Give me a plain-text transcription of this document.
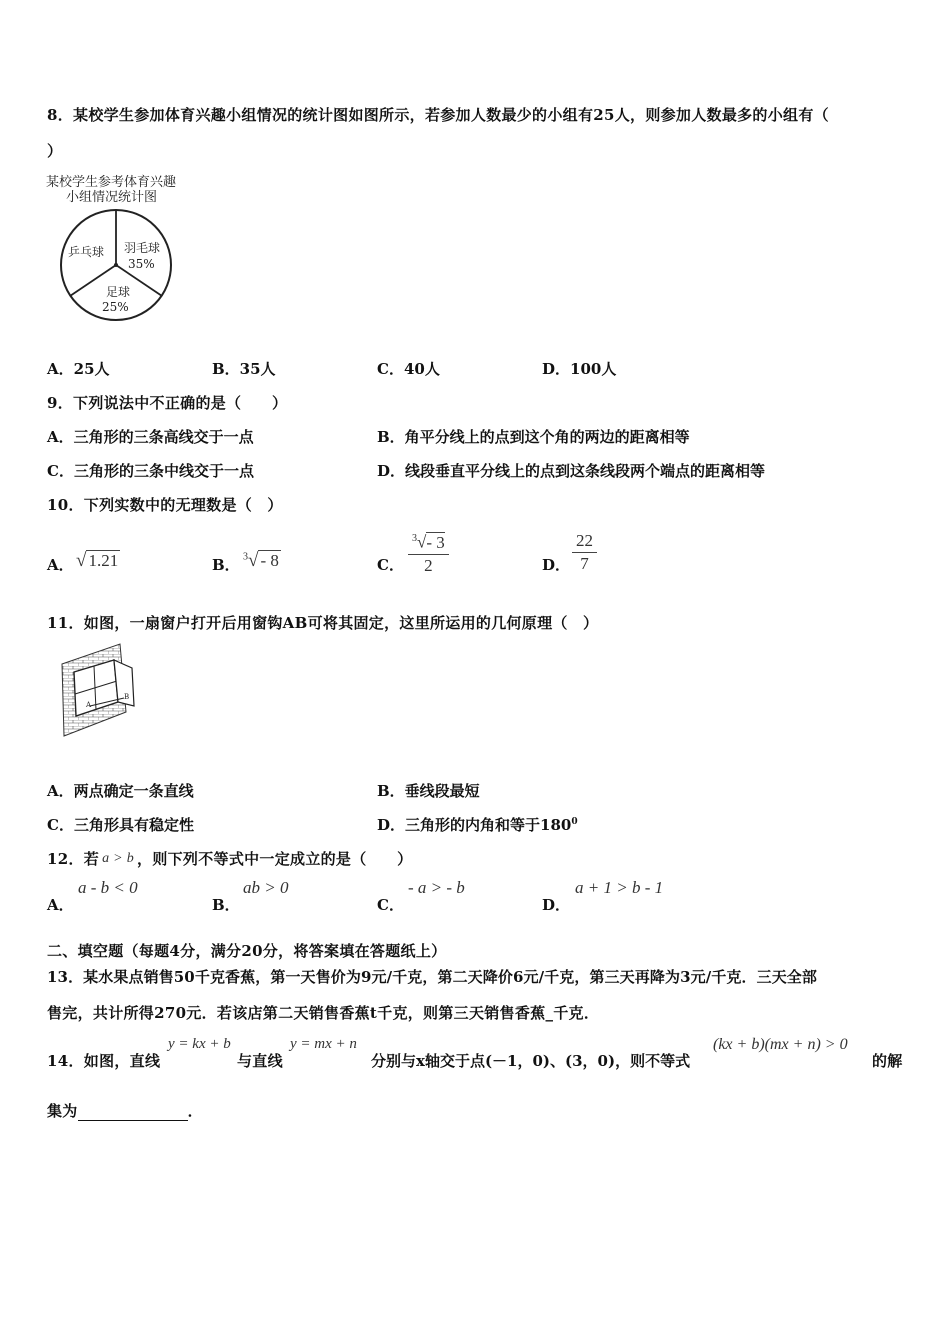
8．某校学生参加体育兴趣小组情况的统计图如图所示，若参加人数最少的小组有25人，则参加人数最多的小组有（
）
某校学生参考体育兴趣
小组情况统计图
乒乓球 羽毛球
35%
足球
25%
A．25人	B．35人	C．40人	D．100人
9．下列说法中不正确的是（　　）
A．三角形的三条高线交于一点	B．角平分线上的点到这个角的两边的距离相等
C．三角形的三条中线交于一点	D．线段垂直平分线上的点到这条线段两个端点的距离相等
10．下列实数中的无理数是（　）
A． √ 1.21	B． $^3$√ - 8	C． $\frac{^3√- 3}{2}$	D． $\frac{22}{7}$
11．如图，一扇窗户打开后用窗钩AB可将其固定，这里所运用的几何原理（　）
A
B
A．两点确定一条直线	B．垂线段最短
C．三角形具有稳定性	D．三角形的内角和等于$180^0$
12．若 a > b ，则下列不等式中一定成立的是（　　）
A．
a - b < 0
B．
ab > 0
C．
- a > - b
D．
a + 1 > b - 1
二、填空题（每题4分，满分20分，将答案填在答题纸上）
13．某水果点销售50千克香蕉，第一天售价为9元/千克，第二天降价6元/千克，第三天再降为3元/千克．三天全部
售完，共计所得270元．若该店第二天销售香蕉t千克，则第三天销售香蕉_千克．
14．如图，直线
y = kx + b
与直线
y = mx + n
分别与x轴交于点(－1，0)、(3，0)，则不等式
(kx + b)(mx + n) > 0
的解
集为	．
